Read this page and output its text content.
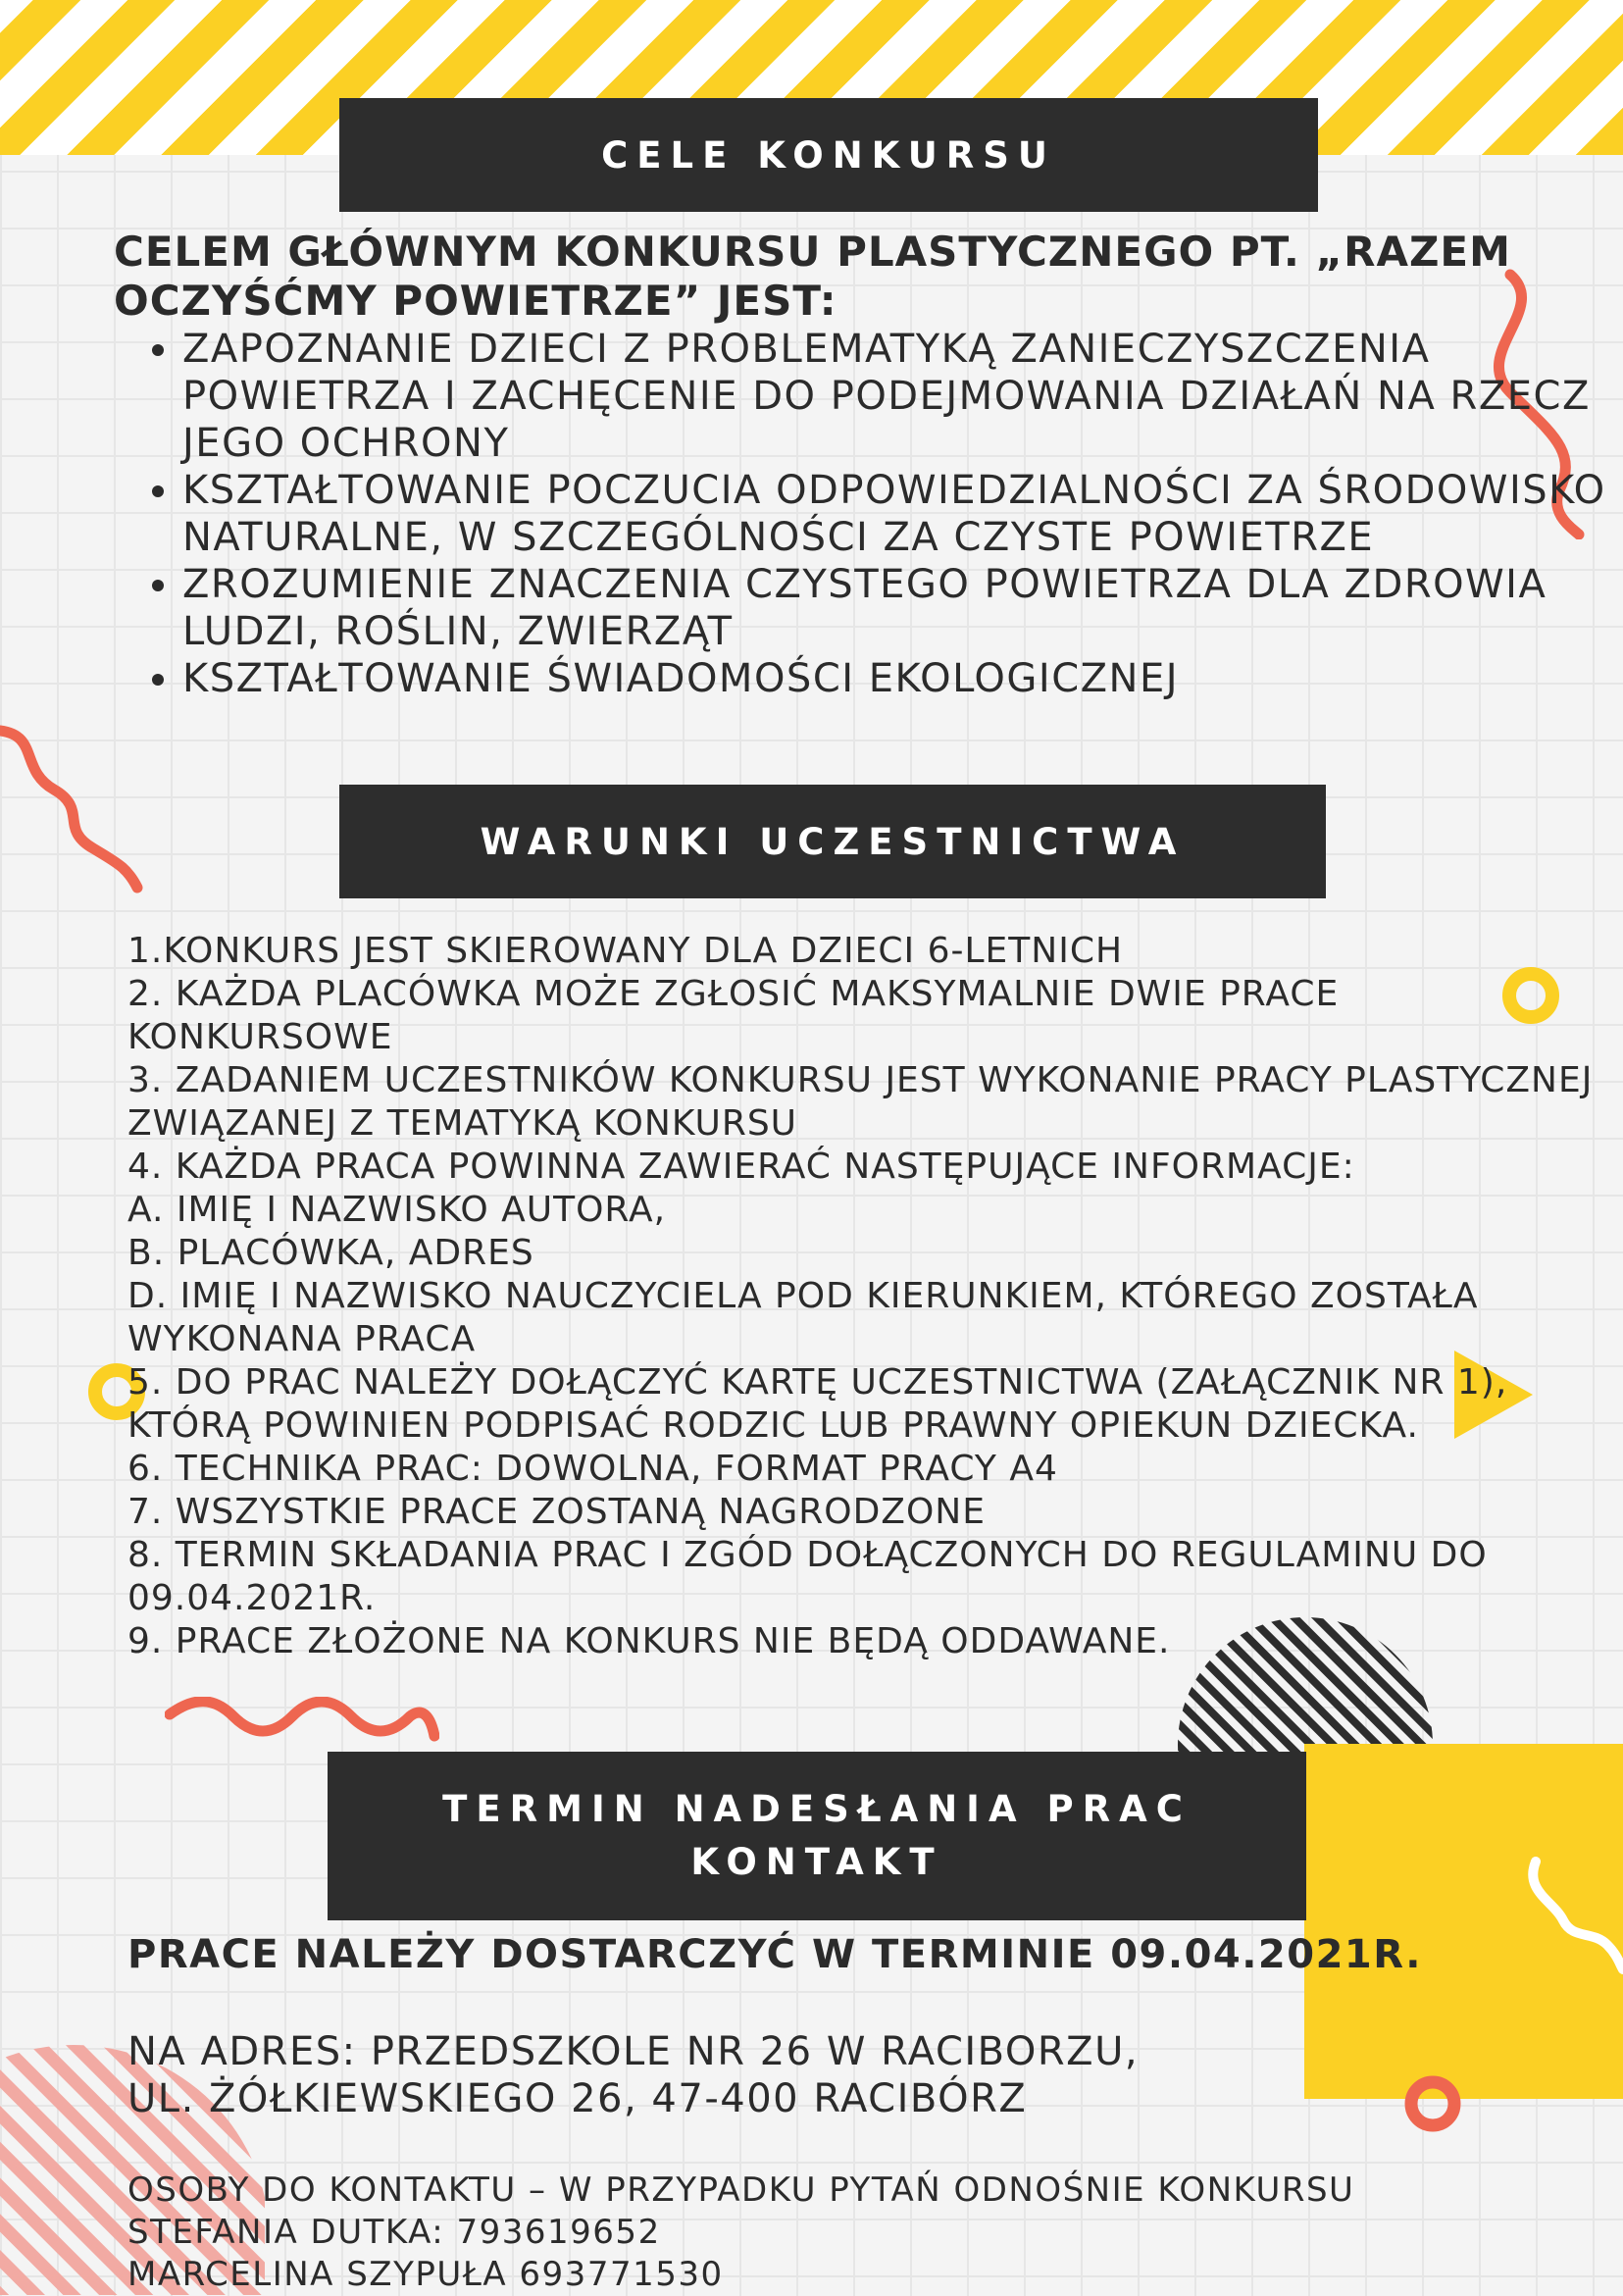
CELE KONKURSU
CELEM GŁÓWNYM KONKURSU PLASTYCZNEGO PT. „RAZEM
OCZYŚĆMY POWIETRZE” JEST:
• ZAPOZNANIE DZIECI Z PROBLEMATYKĄ ZANIECZYSZCZENIA POWIETRZA I ZACHĘCENIE DO PODEJMOWANIA DZIAŁAŃ NA RZECZ JEGO OCHRONY
• KSZTAŁTOWANIE POCZUCIA ODPOWIEDZIALNOŚCI ZA ŚRODOWISKO NATURALNE, W SZCZEGÓLNOŚCI ZA CZYSTE POWIETRZE
• ZROZUMIENIE ZNACZENIA CZYSTEGO POWIETRZA DLA ZDROWIA LUDZI, ROŚLIN, ZWIERZĄT
• KSZTAŁTOWANIE ŚWIADOMOŚCI EKOLOGICZNEJ
WARUNKI UCZESTNICTWA
1.KONKURS JEST SKIEROWANY DLA DZIECI 6-LETNICH
2. KAŻDA PLACÓWKA MOŻE ZGŁOSIĆ MAKSYMALNIE DWIE PRACE KONKURSOWE
3. ZADANIEM UCZESTNIKÓW KONKURSU JEST WYKONANIE PRACY PLASTYCZNEJ ZWIĄZANEJ Z TEMATYKĄ KONKURSU
4. KAŻDA PRACA POWINNA ZAWIERAĆ NASTĘPUJĄCE INFORMACJE:
A. IMIĘ I NAZWISKO AUTORA,
B. PLACÓWKA, ADRES
D. IMIĘ I NAZWISKO NAUCZYCIELA POD KIERUNKIEM, KTÓREGO ZOSTAŁA WYKONANA PRACA
5. DO PRAC NALEŻY DOŁĄCZYĆ KARTĘ UCZESTNICTWA (ZAŁĄCZNIK NR 1), KTÓRĄ POWINIEN PODPISAĆ RODZIC LUB PRAWNY OPIEKUN DZIECKA.
6. TECHNIKA PRAC: DOWOLNA, FORMAT PRACY A4
7. WSZYSTKIE PRACE ZOSTANĄ NAGRODZONE
8. TERMIN SKŁADANIA PRAC I ZGÓD DOŁĄCZONYCH DO REGULAMINU DO 09.04.2021R.
9. PRACE ZŁOŻONE NA KONKURS NIE BĘDĄ ODDAWANE.
TERMIN NADESŁANIA PRAC
KONTAKT
PRACE NALEŻY DOSTARCZYĆ W TERMINIE 09.04.2021R.
NA ADRES: PRZEDSZKOLE NR 26 W RACIBORZU,
UL. ŻÓŁKIEWSKIEGO 26, 47-400 RACIBÓRZ
OSOBY DO KONTAKTU – W PRZYPADKU PYTAŃ ODNOŚNIE KONKURSU
STEFANIA DUTKA: 793619652
MARCELINA SZYPUŁA 693771530
